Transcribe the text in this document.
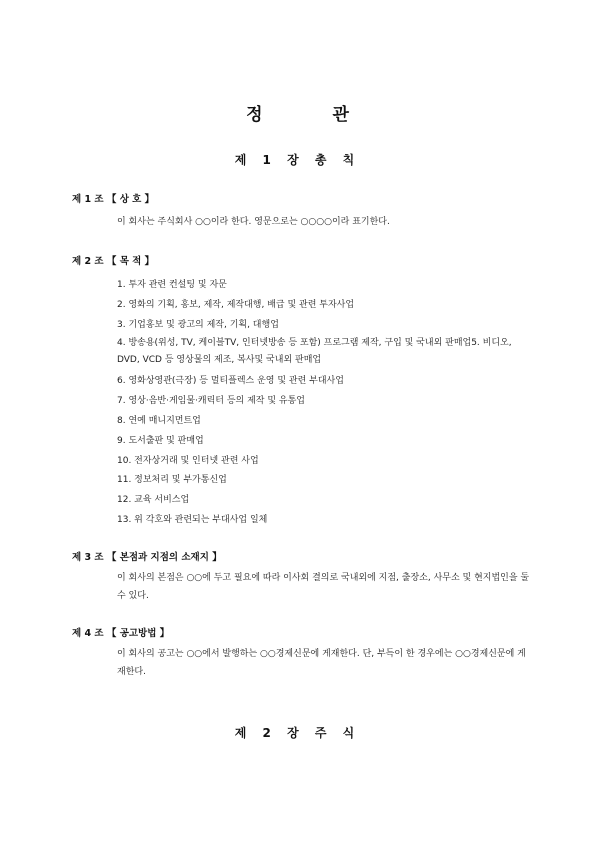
정 관
제 1 장 총 칙
제 1 조 【 상 호 】
이 회사는 주식회사 ○○이라 한다. 영문으로는 ○○○○이라 표기한다.
제 2 조 【 목 적 】
1. 투자 관련 컨설팅 및 자문
2. 영화의 기획, 홍보, 제작, 제작대행, 배급 및 관련 투자사업
3. 기업홍보 및 광고의 제작, 기획, 대행업
4. 방송용(위성, TV, 케이블TV, 인터넷방송 등 포함) 프로그램 제작, 구입 및 국내외 판매업5. 비디오, DVD, VCD 등 영상물의 제조, 복사및 국내외 판매업
6. 영화상영관(극장) 등 멀티플렉스 운영 및 관련 부대사업
7. 영상·음반·게임물·캐릭터 등의 제작 및 유통업
8. 연예 매니지먼트업
9. 도서출판 및 판매업
10. 전자상거래 및 인터넷 관련 사업
11. 정보처리 및 부가통신업
12. 교육 서비스업
13. 위 각호와 관련되는 부대사업 일체
제 3 조 【 본점과 지점의 소재지 】
이 회사의 본점은 ○○에 두고 필요에 따라 이사회 결의로 국내외에 지점, 출장소, 사무소 및 현지법인을 둘 수 있다.
제 4 조 【 공고방법 】
이 회사의 공고는 ○○에서 발행하는 ○○경제신문에 게재한다. 단, 부득이 한 경우에는 ○○경제신문에 게재한다.
제 2 장 주 식
